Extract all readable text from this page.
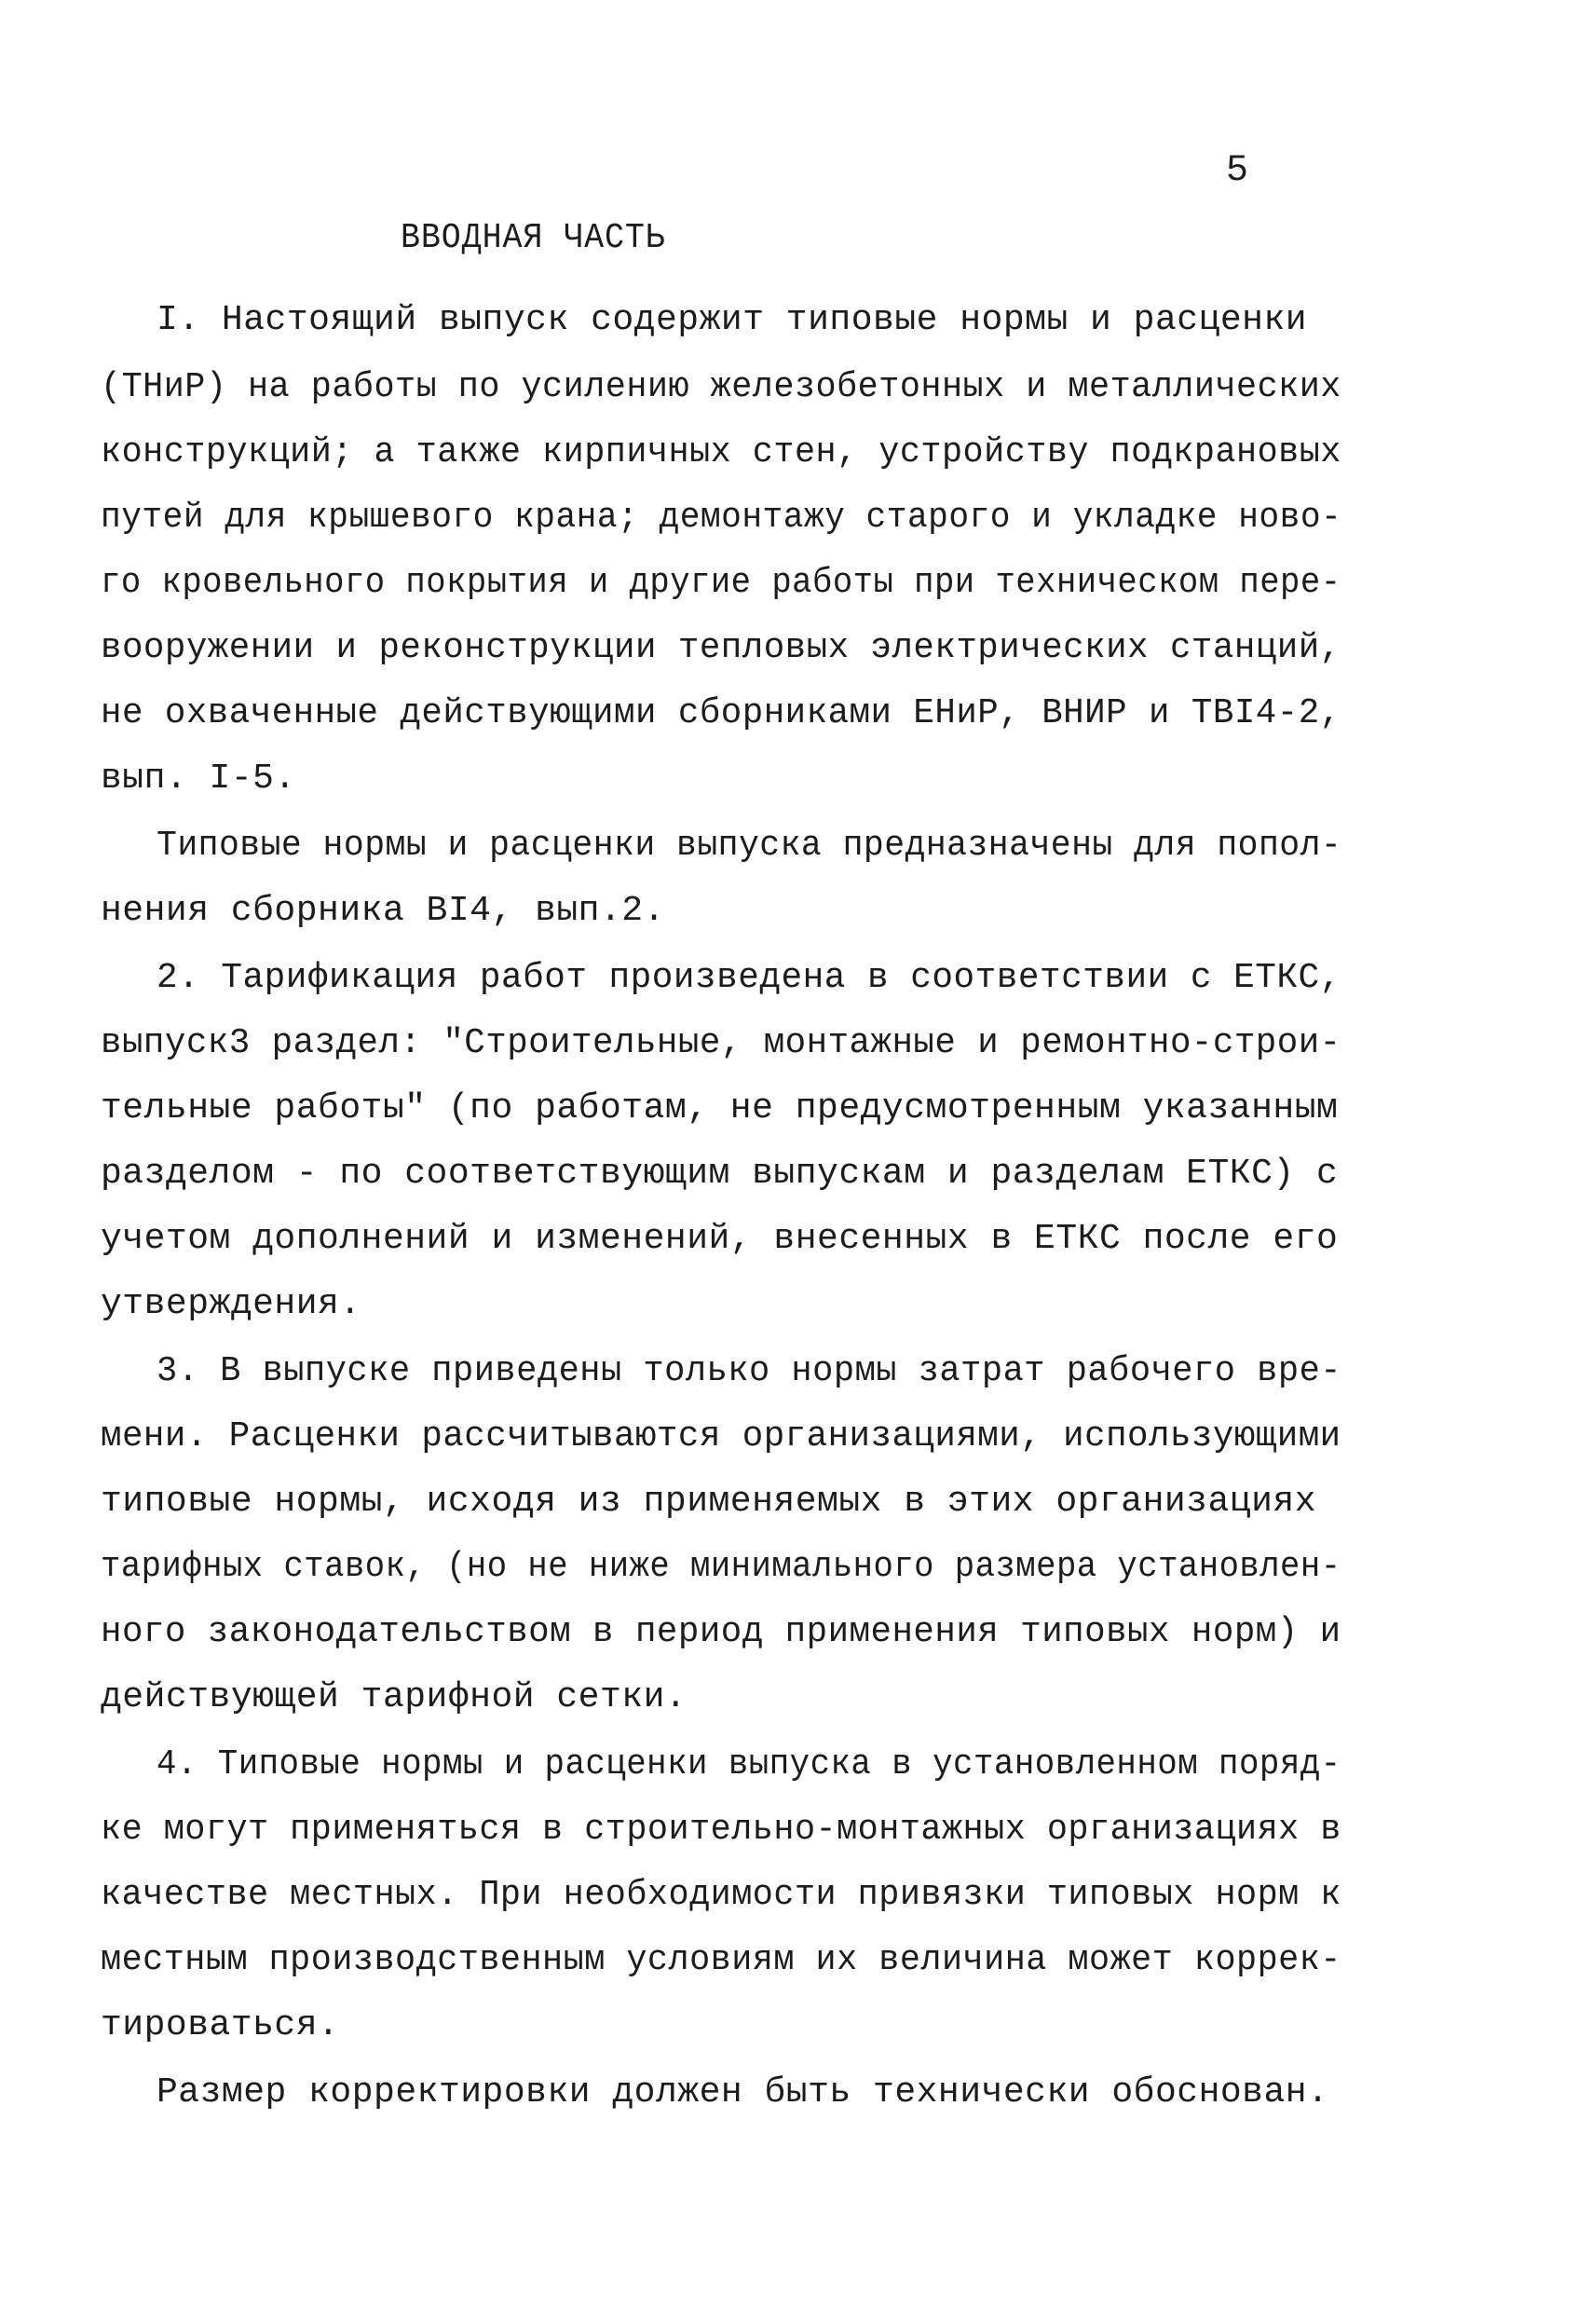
5
ВВОДНАЯ ЧАСТЬ
I. Настоящий выпуск содержит типовые нормы и расценки
(ТНиР) на работы по усилению железобетонных и металлических
конструкций; а также кирпичных стен, устройству подкрановых
путей для крышевого крана; демонтажу старого и укладке ново-
го кровельного покрытия и другие работы при техническом пере-
вооружении и реконструкции тепловых электрических станций,
не охваченные действующими сборниками ЕНиР, ВНИР и ТВI4-2,
вып. I-5.
Типовые нормы и расценки выпуска предназначены для попол-
нения сборника ВI4, вып.2.
2. Тарификация работ произведена в соответствии с ЕТКС,
выпуск3 раздел: "Строительные, монтажные и ремонтно-строи-
тельные работы" (по работам, не предусмотренным указанным
разделом - по соответствующим выпускам и разделам ЕТКС) с
учетом дополнений и изменений, внесенных в ЕТКС после его
утверждения.
3. В выпуске приведены только нормы затрат рабочего вре-
мени. Расценки рассчитываются организациями, использующими
типовые нормы, исходя из применяемых в этих организациях
тарифных ставок, (но не ниже минимального размера установлен-
ного законодательством в период применения типовых норм) и
действующей тарифной сетки.
4. Типовые нормы и расценки выпуска в установленном поряд-
ке могут применяться в строительно-монтажных организациях в
качестве местных. При необходимости привязки типовых норм к
местным производственным условиям их величина может коррек-
тироваться.
Размер корректировки должен быть технически обоснован.
